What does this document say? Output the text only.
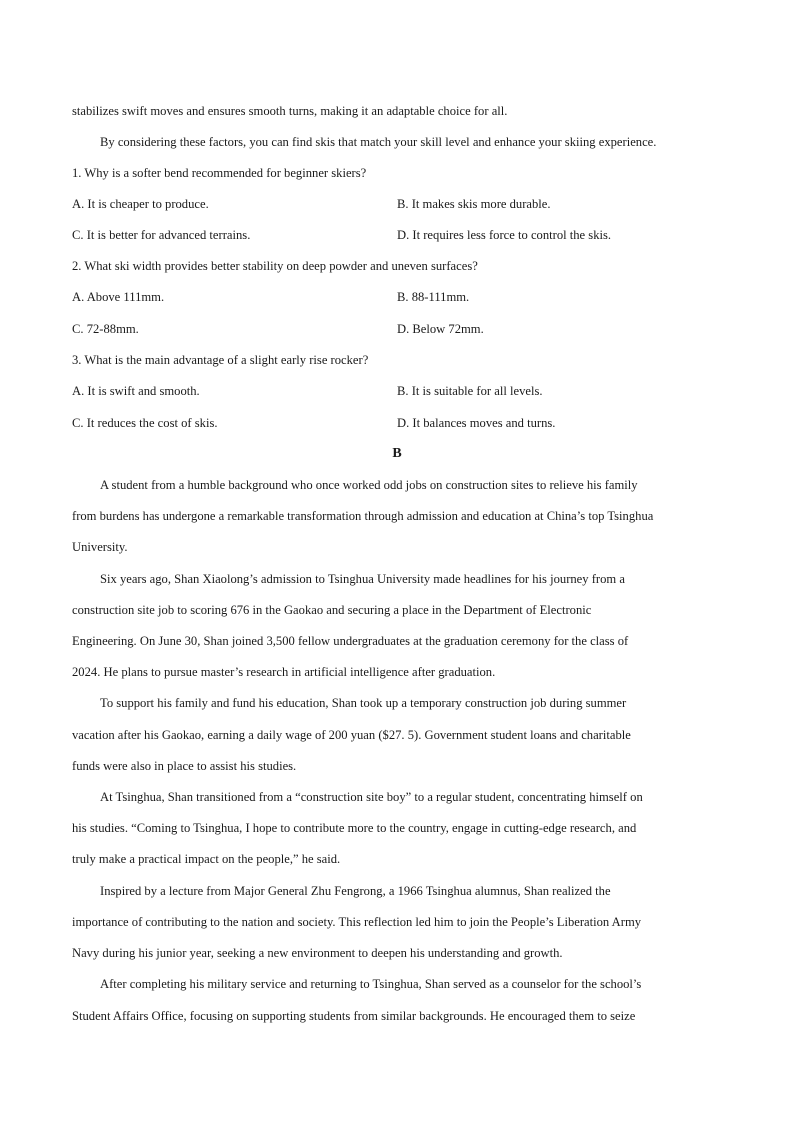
stabilizes swift moves and ensures smooth turns, making it an adaptable choice for all.
By considering these factors, you can find skis that match your skill level and enhance your skiing experience.
1. Why is a softer bend recommended for beginner skiers?
A. It is cheaper to produce.	B. It makes skis more durable.
C. It is better for advanced terrains.	D. It requires less force to control the skis.
2. What ski width provides better stability on deep powder and uneven surfaces?
A. Above 111mm.	B. 88-111mm.
C. 72-88mm.	D. Below 72mm.
3. What is the main advantage of a slight early rise rocker?
A. It is swift and smooth.	B. It is suitable for all levels.
C. It reduces the cost of skis.	D. It balances moves and turns.
B
A student from a humble background who once worked odd jobs on construction sites to relieve his family
from burdens has undergone a remarkable transformation through admission and education at China’s top Tsinghua
University.
Six years ago, Shan Xiaolong’s admission to Tsinghua University made headlines for his journey from a
construction site job to scoring 676 in the Gaokao and securing a place in the Department of Electronic
Engineering. On June 30, Shan joined 3,500 fellow undergraduates at the graduation ceremony for the class of
2024. He plans to pursue master’s research in artificial intelligence after graduation.
To support his family and fund his education, Shan took up a temporary construction job during summer
vacation after his Gaokao, earning a daily wage of 200 yuan ($27. 5). Government student loans and charitable
funds were also in place to assist his studies.
At Tsinghua, Shan transitioned from a “construction site boy” to a regular student, concentrating himself on
his studies. “Coming to Tsinghua, I hope to contribute more to the country, engage in cutting-edge research, and
truly make a practical impact on the people,” he said.
Inspired by a lecture from Major General Zhu Fengrong, a 1966 Tsinghua alumnus, Shan realized the
importance of contributing to the nation and society. This reflection led him to join the People’s Liberation Army
Navy during his junior year, seeking a new environment to deepen his understanding and growth.
After completing his military service and returning to Tsinghua, Shan served as a counselor for the school’s
Student Affairs Office, focusing on supporting students from similar backgrounds. He encouraged them to seize
